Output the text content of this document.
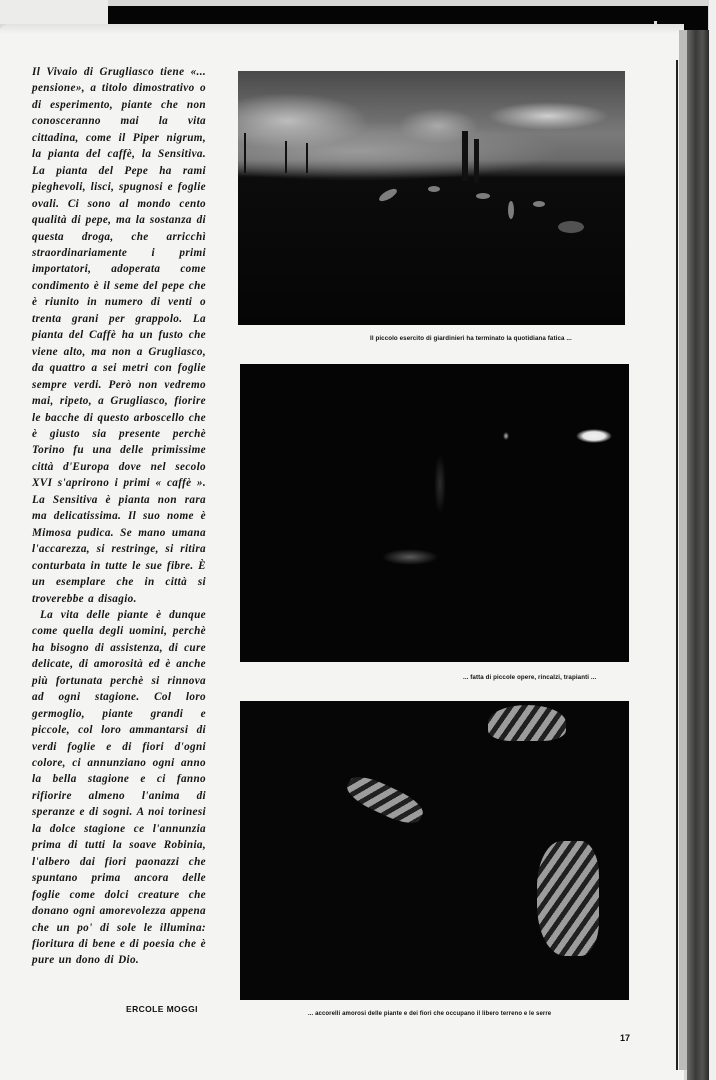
Il Vivaio di Grugliasco tiene «... pensione», a titolo dimostrativo o di esperimento, piante che non conosceranno mai la vita cittadina, come il Piper nigrum, la pianta del caffè, la Sensitiva. La pianta del Pepe ha rami pieghevoli, lisci, spugnosi e foglie ovali. Ci sono al mondo cento qualità di pepe, ma la sostanza di questa droga, che arricchì straordinariamente i primi importatori, adoperata come condimento è il seme del pepe che è riunito in numero di venti o trenta grani per grappolo. La pianta del Caffè ha un fusto che viene alto, ma non a Grugliasco, da quattro a sei metri con foglie sempre verdi. Però non vedremo mai, ripeto, a Grugliasco, fiorire le bacche di questo arboscello che è giusto sia presente perchè Torino fu una delle primissime città d'Europa dove nel secolo XVI s'aprirono i primi « caffè ». La Sensitiva è pianta non rara ma delicatissima. Il suo nome è Mimosa pudica. Se mano umana l'accarezza, si restringe, si ritira conturbata in tutte le sue fibre. È un esemplare che in città si troverebbe a disagio.

La vita delle piante è dunque come quella degli uomini, perchè ha bisogno di assistenza, di cure delicate, di amorosità ed è anche più fortunata perchè si rinnova ad ogni stagione. Col loro germoglio, piante grandi e piccole, col loro ammantarsi di verdi foglie e di fiori d'ogni colore, ci annunziano ogni anno la bella stagione e ci fanno rifiorire almeno l'anima di speranze e di sogni. A noi torinesi la dolce stagione ce l'annunzia prima di tutti la soave Robinia, l'albero dai fiori paonazzi che spuntano prima ancora delle foglie come dolci creature che donano ogni amorevolezza appena che un po' di sole le illumina: fioritura di bene e di poesia che è pure un dono di Dio.

ERCOLE MOGGI
Il piccolo esercito di giardinieri ha terminato la quotidiana fatica ...
... fatta di piccole opere, rincalzi, trapianti ...
... accorelli amorosi delle piante e dei fiori che occupano il libero terreno e le serre
17
